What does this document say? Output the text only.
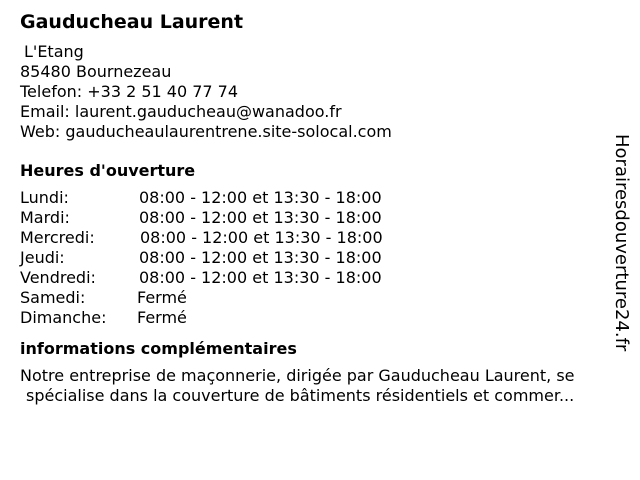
Gauducheau Laurent
L'Etang
85480 Bournezeau
Telefon: +33 2 51 40 77 74
Email: laurent.gauducheau@wanadoo.fr
Web: gauducheaulaurentrene.site-solocal.com
Heures d'ouverture
Lundi:	08:00 - 12:00 et 13:30 - 18:00
Mardi:	08:00 - 12:00 et 13:30 - 18:00
Mercredi:	08:00 - 12:00 et 13:30 - 18:00
Jeudi:	08:00 - 12:00 et 13:30 - 18:00
Vendredi:	08:00 - 12:00 et 13:30 - 18:00
Samedi:	Fermé
Dimanche: Fermé
informations complémentaires
Notre entreprise de maçonnerie, dirigée par Gauducheau Laurent, se
spécialise dans la couverture de bâtiments résidentiels et commer...
Horairesdouverture24.fr
